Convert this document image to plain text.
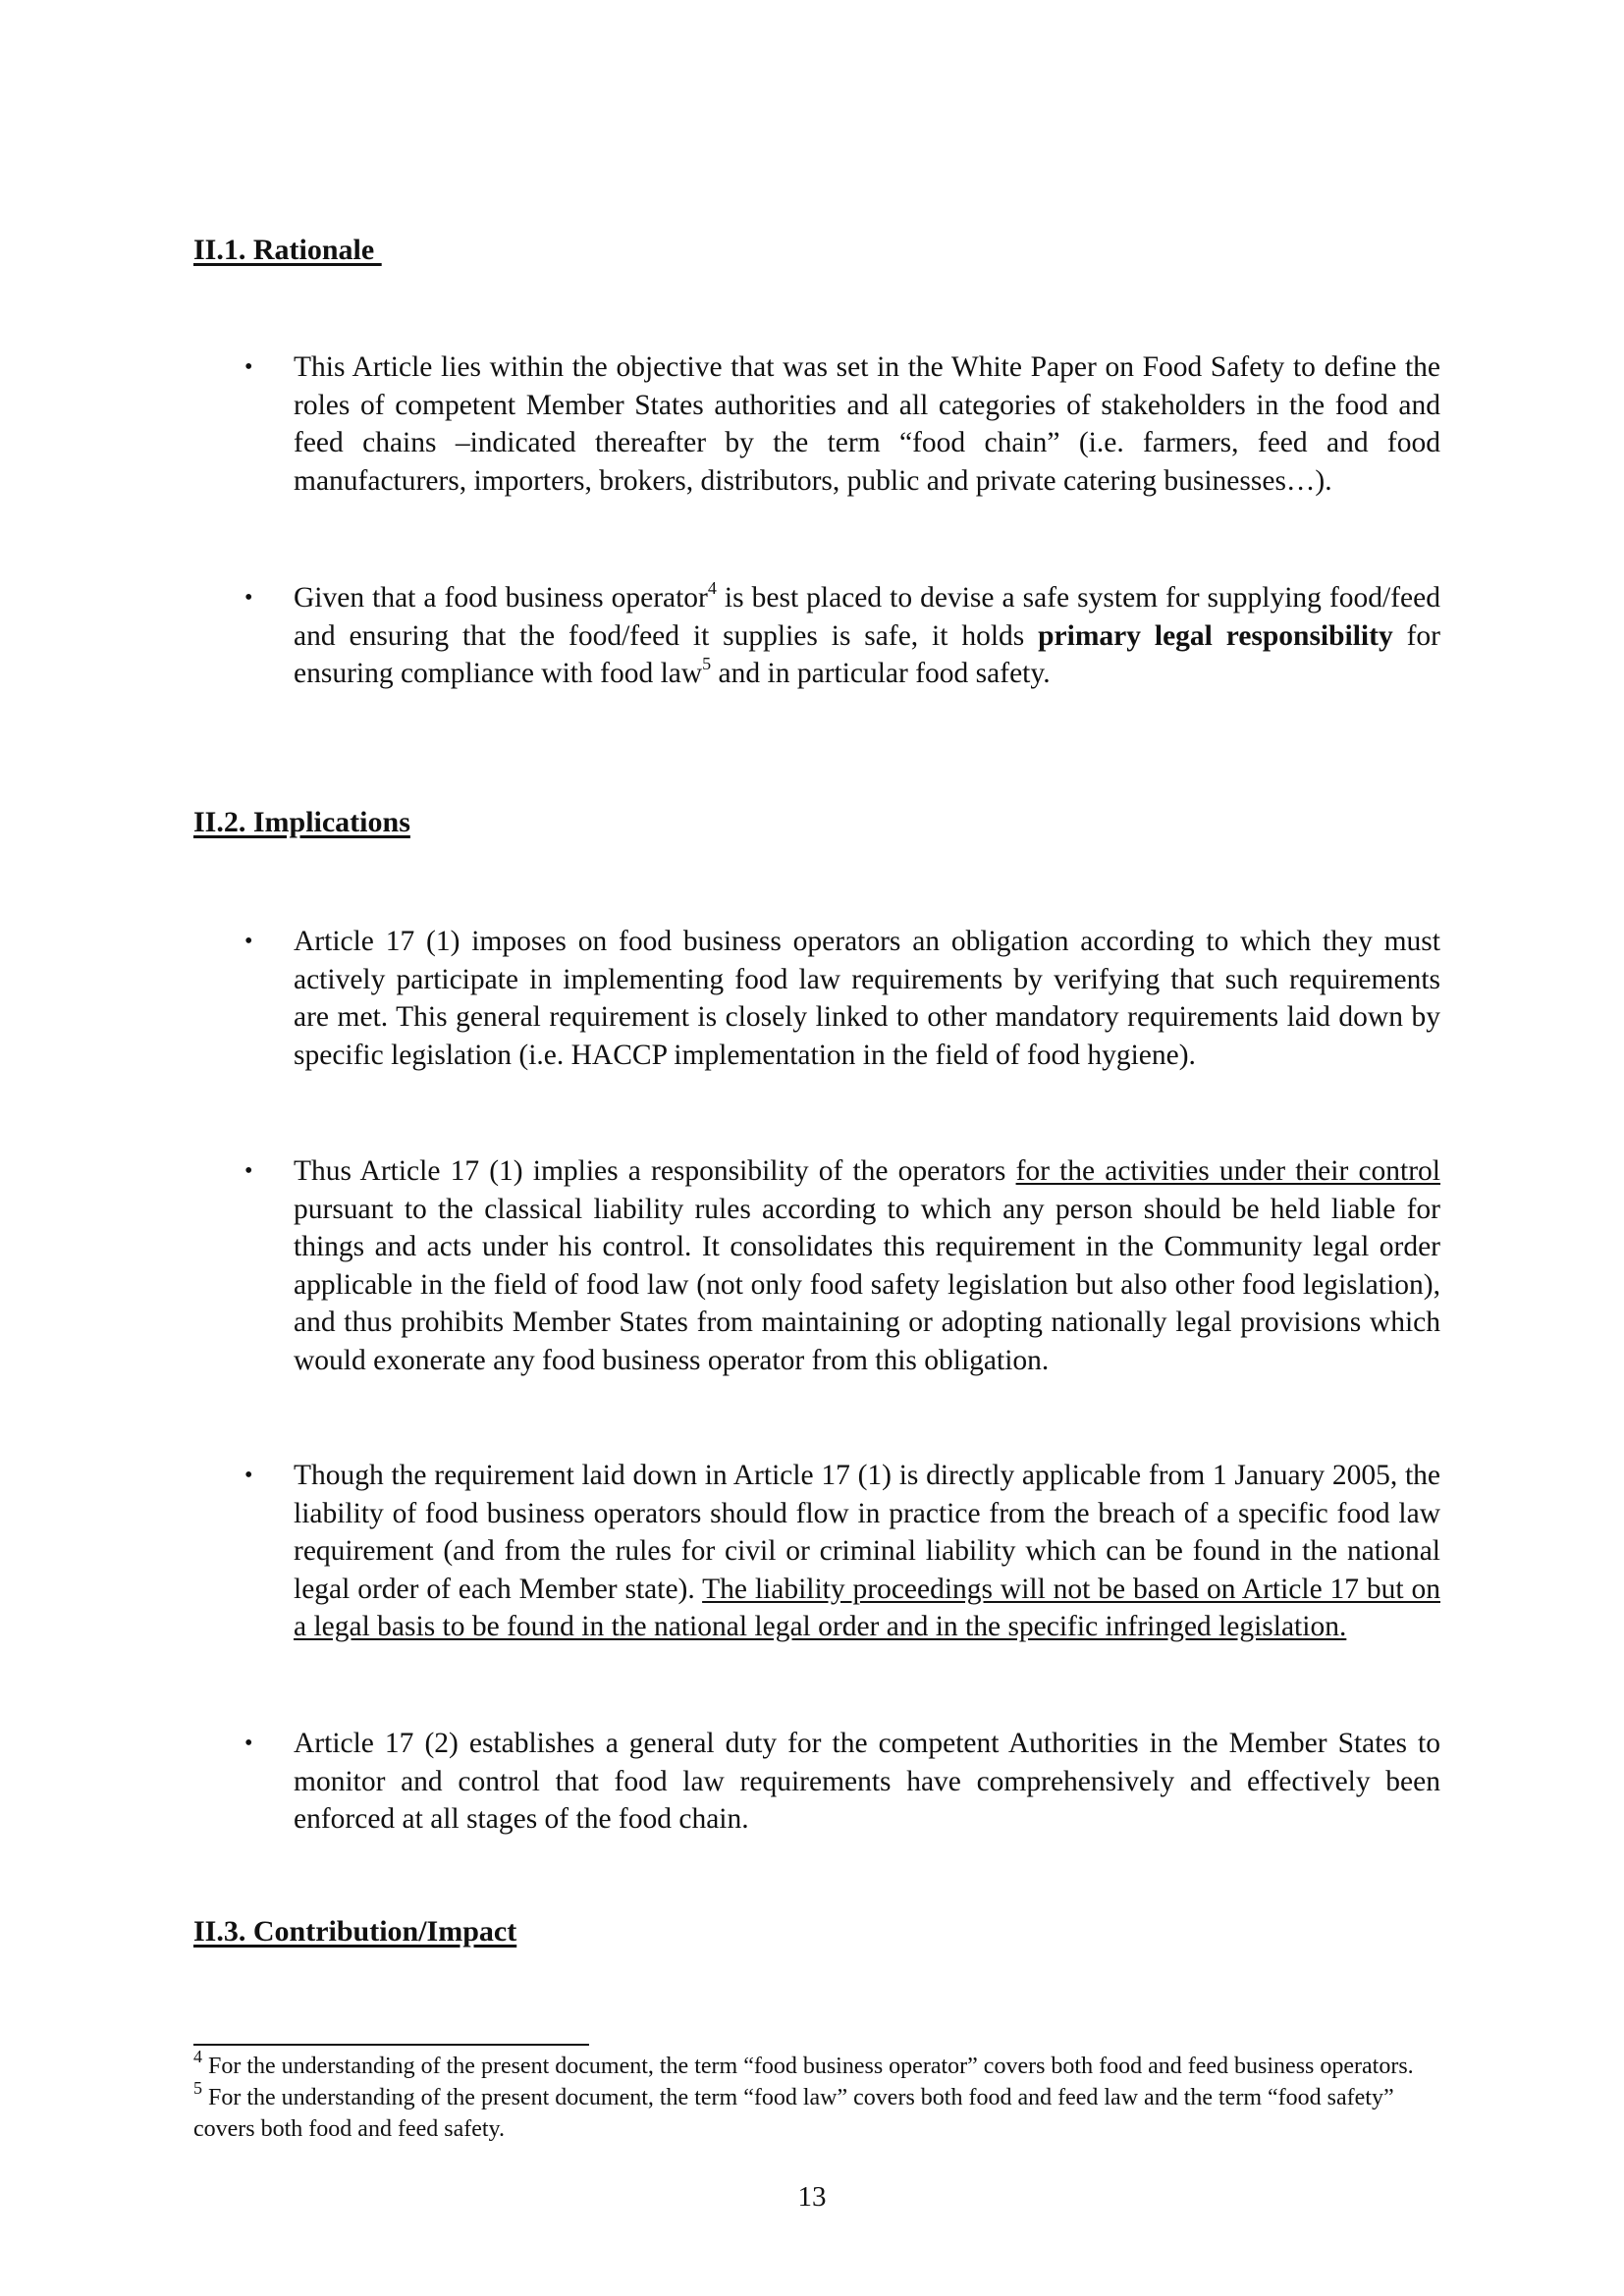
II.1. Rationale
• This Article lies within the objective that was set in the White Paper on Food Safety to define the roles of competent Member States authorities and all categories of stakeholders in the food and feed chains –indicated thereafter by the term “food chain” (i.e. farmers, feed and food manufacturers, importers, brokers, distributors, public and private catering businesses…).
• Given that a food business operator$^4$ is best placed to devise a safe system for supplying food/feed and ensuring that the food/feed it supplies is safe, it holds primary legal responsibility for ensuring compliance with food law$^5$ and in particular food safety.
II.2. Implications
• Article 17 (1) imposes on food business operators an obligation according to which they must actively participate in implementing food law requirements by verifying that such requirements are met. This general requirement is closely linked to other mandatory requirements laid down by specific legislation (i.e. HACCP implementation in the field of food hygiene).
• Thus Article 17 (1) implies a responsibility of the operators for the activities under their control pursuant to the classical liability rules according to which any person should be held liable for things and acts under his control. It consolidates this requirement in the Community legal order applicable in the field of food law (not only food safety legislation but also other food legislation), and thus prohibits Member States from maintaining or adopting nationally legal provisions which would exonerate any food business operator from this obligation.
• Though the requirement laid down in Article 17 (1) is directly applicable from 1 January 2005, the liability of food business operators should flow in practice from the breach of a specific food law requirement (and from the rules for civil or criminal liability which can be found in the national legal order of each Member state). The liability proceedings will not be based on Article 17 but on a legal basis to be found in the national legal order and in the specific infringed legislation.
• Article 17 (2) establishes a general duty for the competent Authorities in the Member States to monitor and control that food law requirements have comprehensively and effectively been enforced at all stages of the food chain.
II.3. Contribution/Impact

$^4$ For the understanding of the present document, the term “food business operator” covers both food and feed business operators.

$^5$ For the understanding of the present document, the term “food law” covers both food and feed law and the term “food safety” covers both food and feed safety.

13
